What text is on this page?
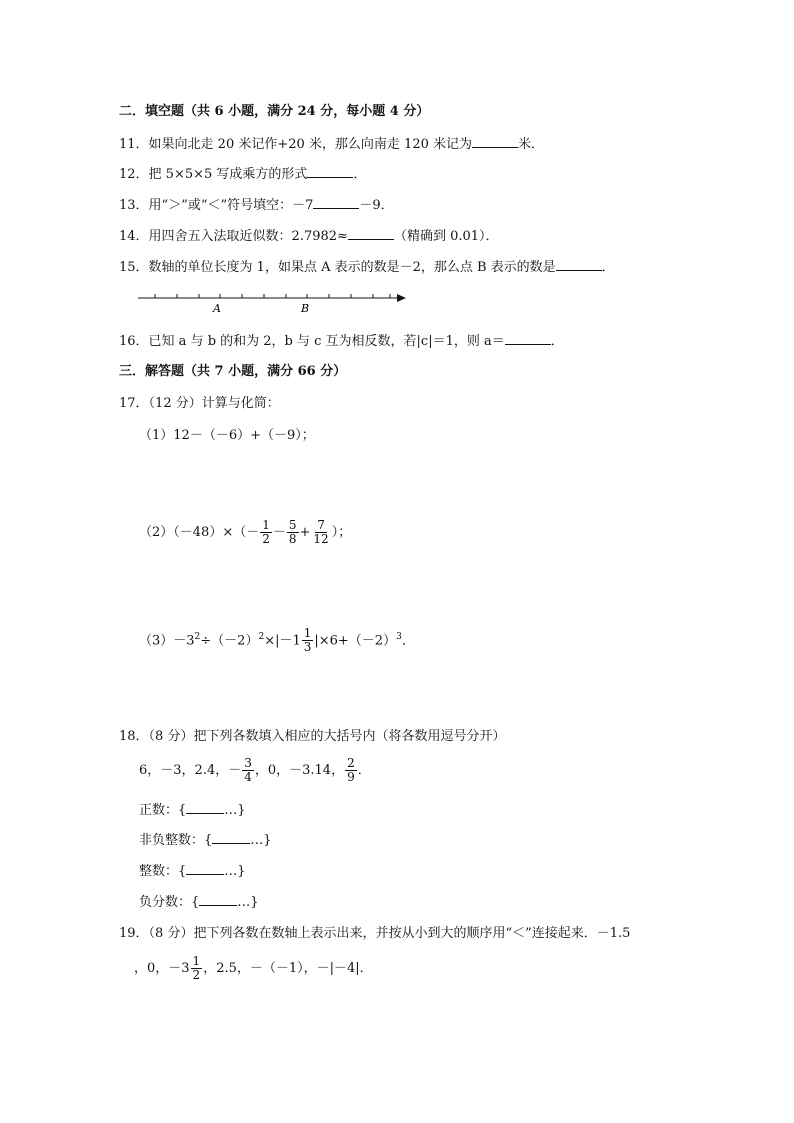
二．填空题（共 6 小题，满分 24 分，每小题 4 分）
11．如果向北走 20 米记作+20 米，那么向南走 120 米记为	米．
12．把 5×5×5 写成乘方的形式	．
13．用“＞”或“＜”符号填空：－7	－9．
14．用四舍五入法取近似数：2.7982≈	（精确到 0.01）．
15．数轴的单位长度为 1，如果点 A 表示的数是－2，那么点 B 表示的数是	．
A	B
16．已知 a 与 b 的和为 2，b 与 c 互为相反数，若|c|＝1，则 a＝	．
三．解答题（共 7 小题，满分 66 分）
17．（12 分）计算与化简：
（1）12－（－6）+（－9）；
$(2)(-48)\times(- \frac{1}{2} - \frac{5}{8} + \frac{7}{12}$ ）；
$(3)-3^2\div(-2)^2\times|-1 \frac{1}{3} |\times 6+(-2)^3$．
18．（8 分）把下列各数填入相应的大括号内（将各数用逗号分开）
6，－3，2.4，－ $\frac{3}{4}$ ，0，－3.14， $\frac{2}{9}$ ．
正数：{	…}
非负整数：{	…}
整数：{	…}
负分数：{	…}
19．（8 分）把下列各数在数轴上表示出来，并按从小到大的顺序用“＜”连接起来．－1.5
，0，$-3 \frac{1}{2}$ ，2.5，－（－1），－|－4|．
